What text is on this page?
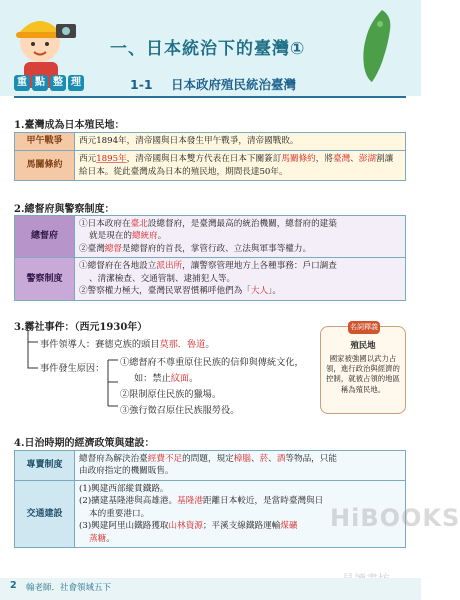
一、日本統治下的臺灣①
重 點 整 理	1-1 日本政府殖民統治臺灣
1.臺灣成為日本殖民地：
甲午戰爭	西元1894年，清帝國與日本發生甲午戰爭，清帝國戰敗。
馬關條約	西元1895年，清帝國與日本雙方代表在日本下關簽訂馬關條約，將臺灣、澎湖割讓給日本。從此臺灣成為日本的殖民地，期間長達50年。
2.總督府與警察制度：
總督府	①日本政府在臺北設總督府，是臺灣最高的統治機關，總督府的建築
就是現在的總統府。
②臺灣總督是總督府的首長，掌管行政、立法與軍事等權力。
警察制度	①總督府在各地設立派出所，讓警察管理地方上各種事務：戶口調查
、清潔檢查、交通管制、逮捕犯人等。
②警察權力極大，臺灣民眾習慣稱呼他們為「大人」。
3.霧社事件：（西元1930年）
事件領導人：賽德克族的頭目莫那．魯道。
事件發生原因：
①總督府不尊重原住民族的信仰與傳統文化，
如：禁止紋面。
②限制原住民族的獵場。
③強行徵召原住民族服勞役。
名詞釋義
殖民地
國家被強國以武力占領，進行政治與經濟的控制，就被占領的地區稱為殖民地。
4.日治時期的經濟政策與建設：
專賣制度	總督府為解決治臺經費不足的問題，規定樟腦、菸、酒等物品，只能
由政府指定的機關販售。
交通建設	(1)興建西部縱貫鐵路。
(2)擴建基隆港與高雄港。基隆港距離日本較近，是當時臺灣與日
本的重要港口。
(3)興建阿里山鐵路獲取山林資源；平溪支線鐵路運輸煤礦
蒸糖。
HiBOOKS
2 翰老師．社會領域五下
